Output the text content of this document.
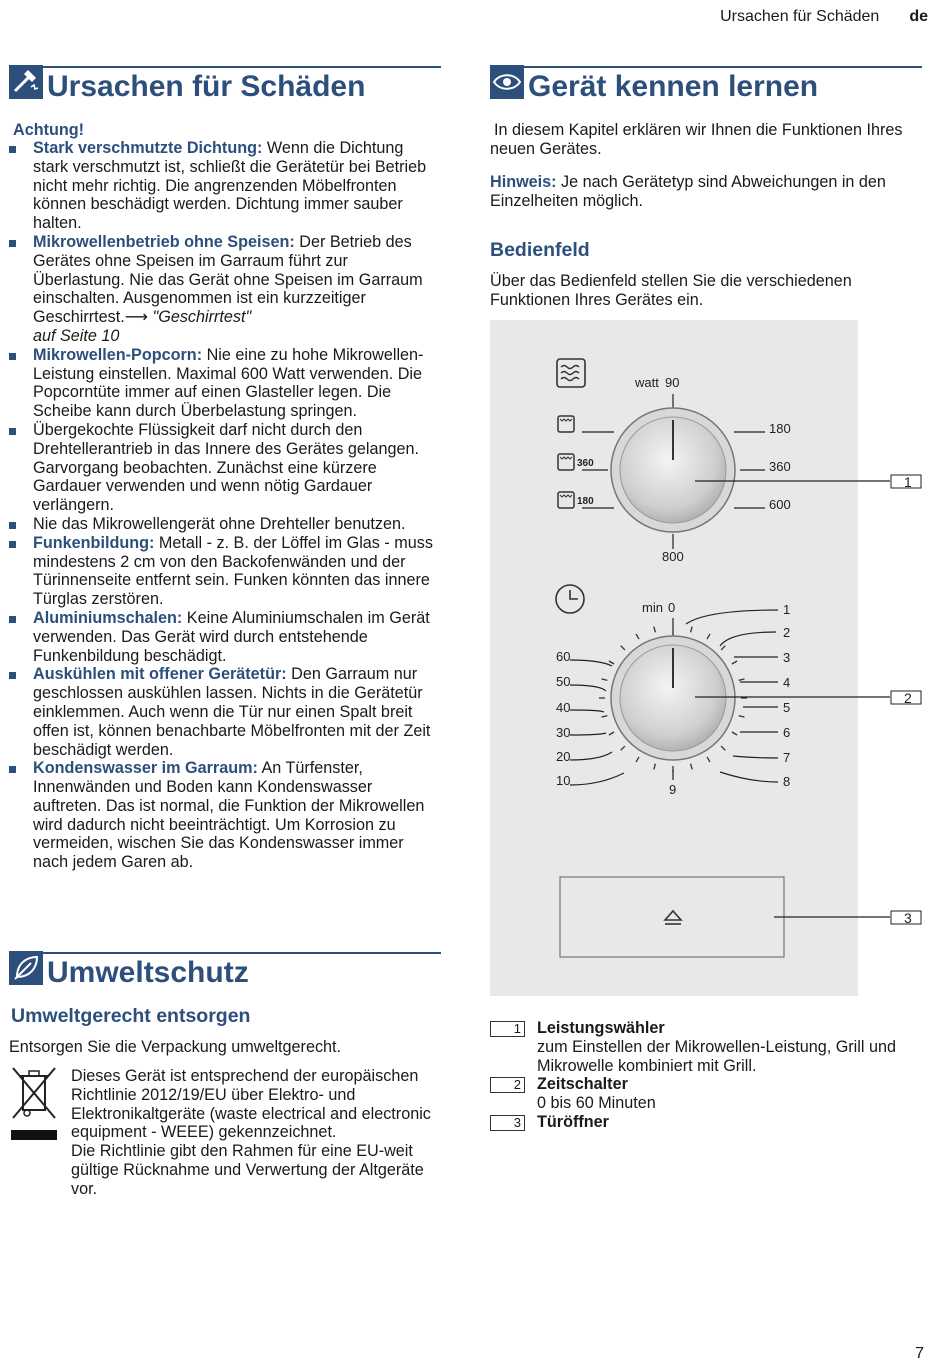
Ursachen für Schäden de
Ursachen für Schäden
Achtung!
Stark verschmutzte Dichtung: Wenn die Dichtung stark verschmutzt ist, schließt die Gerätetür bei Betrieb nicht mehr richtig. Die angrenzenden Möbelfronten können beschädigt werden. Dichtung immer sauber halten.
Mikrowellenbetrieb ohne Speisen: Der Betrieb des Gerätes ohne Speisen im Garraum führt zur Überlastung. Nie das Gerät ohne Speisen im Garraum einschalten. Ausgenommen ist ein kurzzeitiger Geschirrtest.⟶ "Geschirrtest"
auf Seite 10
Mikrowellen-Popcorn: Nie eine zu hohe Mikrowellen-Leistung einstellen. Maximal 600 Watt verwenden. Die Popcorntüte immer auf einen Glasteller legen. Die Scheibe kann durch Überbelastung springen.
Übergekochte Flüssigkeit darf nicht durch den Drehtellerantrieb in das Innere des Gerätes gelangen. Garvorgang beobachten. Zunächst eine kürzere Gardauer verwenden und wenn nötig Gardauer verlängern.
Nie das Mikrowellengerät ohne Drehteller benutzen.
Funkenbildung: Metall - z. B. der Löffel im Glas - muss mindestens 2 cm von den Backofenwänden und der Türinnenseite entfernt sein. Funken könnten das innere Türglas zerstören.
Aluminiumschalen: Keine Aluminiumschalen im Gerät verwenden. Das Gerät wird durch entstehende Funkenbildung beschädigt.
Auskühlen mit offener Gerätetür: Den Garraum nur geschlossen auskühlen lassen. Nichts in die Gerätetür einklemmen. Auch wenn die Tür nur einen Spalt breit offen ist, können benachbarte Möbelfronten mit der Zeit beschädigt werden.
Kondenswasser im Garraum: An Türfenster, Innenwänden und Boden kann Kondenswasser auftreten. Das ist normal, die Funktion der Mikrowellen wird dadurch nicht beeinträchtigt. Um Korrosion zu vermeiden, wischen Sie das Kondenswasser immer nach jedem Garen ab.
Umweltschutz
Umweltgerecht entsorgen
Entsorgen Sie die Verpackung umweltgerecht.
Dieses Gerät ist entsprechend der europäischen Richtlinie 2012/19/EU über Elektro- und Elektronikaltgeräte (waste electrical and electronic equipment - WEEE) gekennzeichnet.
Die Richtlinie gibt den Rahmen für eine EU-weit gültige Rücknahme und Verwertung der Altgeräte vor.
Gerät kennen lernen
In diesem Kapitel erklären wir Ihnen die Funktionen Ihres neuen Gerätes.
Hinweis: Je nach Gerätetyp sind Abweichungen in den Einzelheiten möglich.
Bedienfeld
Über das Bedienfeld stellen Sie die verschiedenen Funktionen Ihres Gerätes ein.
360
180
watt 90
180
360
600
800
min 0	1
2
3
4
5
6
7
8
9
60
50
40
30
20
10
1
2
3
1 Leistungswähler
zum Einstellen der Mikrowellen-Leistung, Grill und Mikrowelle kombiniert mit Grill.
2 Zeitschalter
0 bis 60 Minuten
3 Türöffner
7
